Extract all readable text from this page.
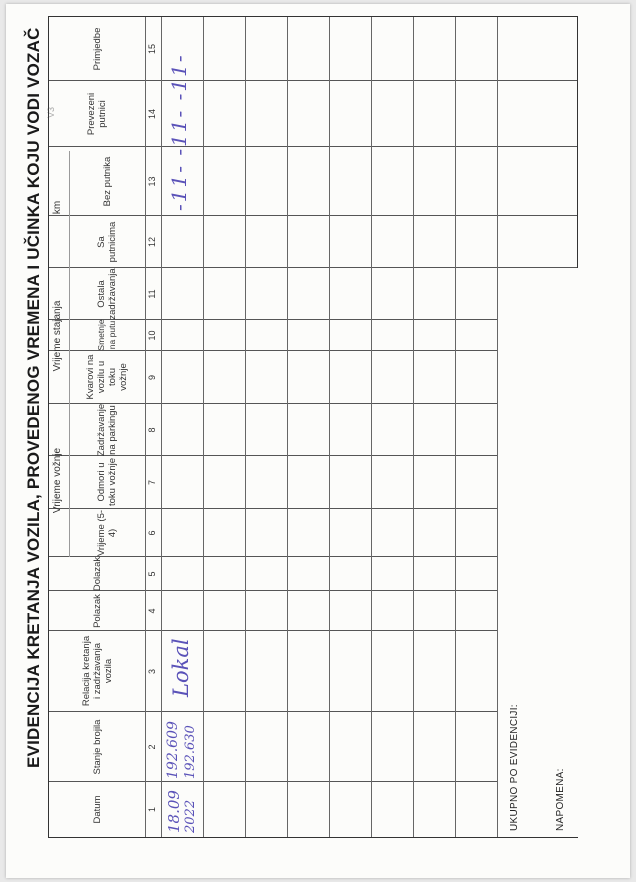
EVIDENCIJA KRETANJA VOZILA, PROVEDENOG VREMENA I UČINKA KOJU VODI VOZAČ V3
Vrijeme vožnje
Vrijeme stajanja
km
Datum
Stanje brojila
Relacija kretanja i zadržavanja vozila
Polazak
Dolazak
Vrijeme (5-4)
Odmori u toku vožnje
Zadržavanje na parkingu
Kvarovi na vozilu u toku vožnje
Smetnje na putu
Ostala zadržavanja
Sa putnicima
Bez putnika
Prevezeni putnici
Primjedbe
1
2
3
4
5
6
7
8
9
10
11
12
13
14
15
UKUPNO PO EVIDENCIJI:	NAPOMENA:
18.09 2022
192.609 192.630
Lokal
-11- -11- -11-
